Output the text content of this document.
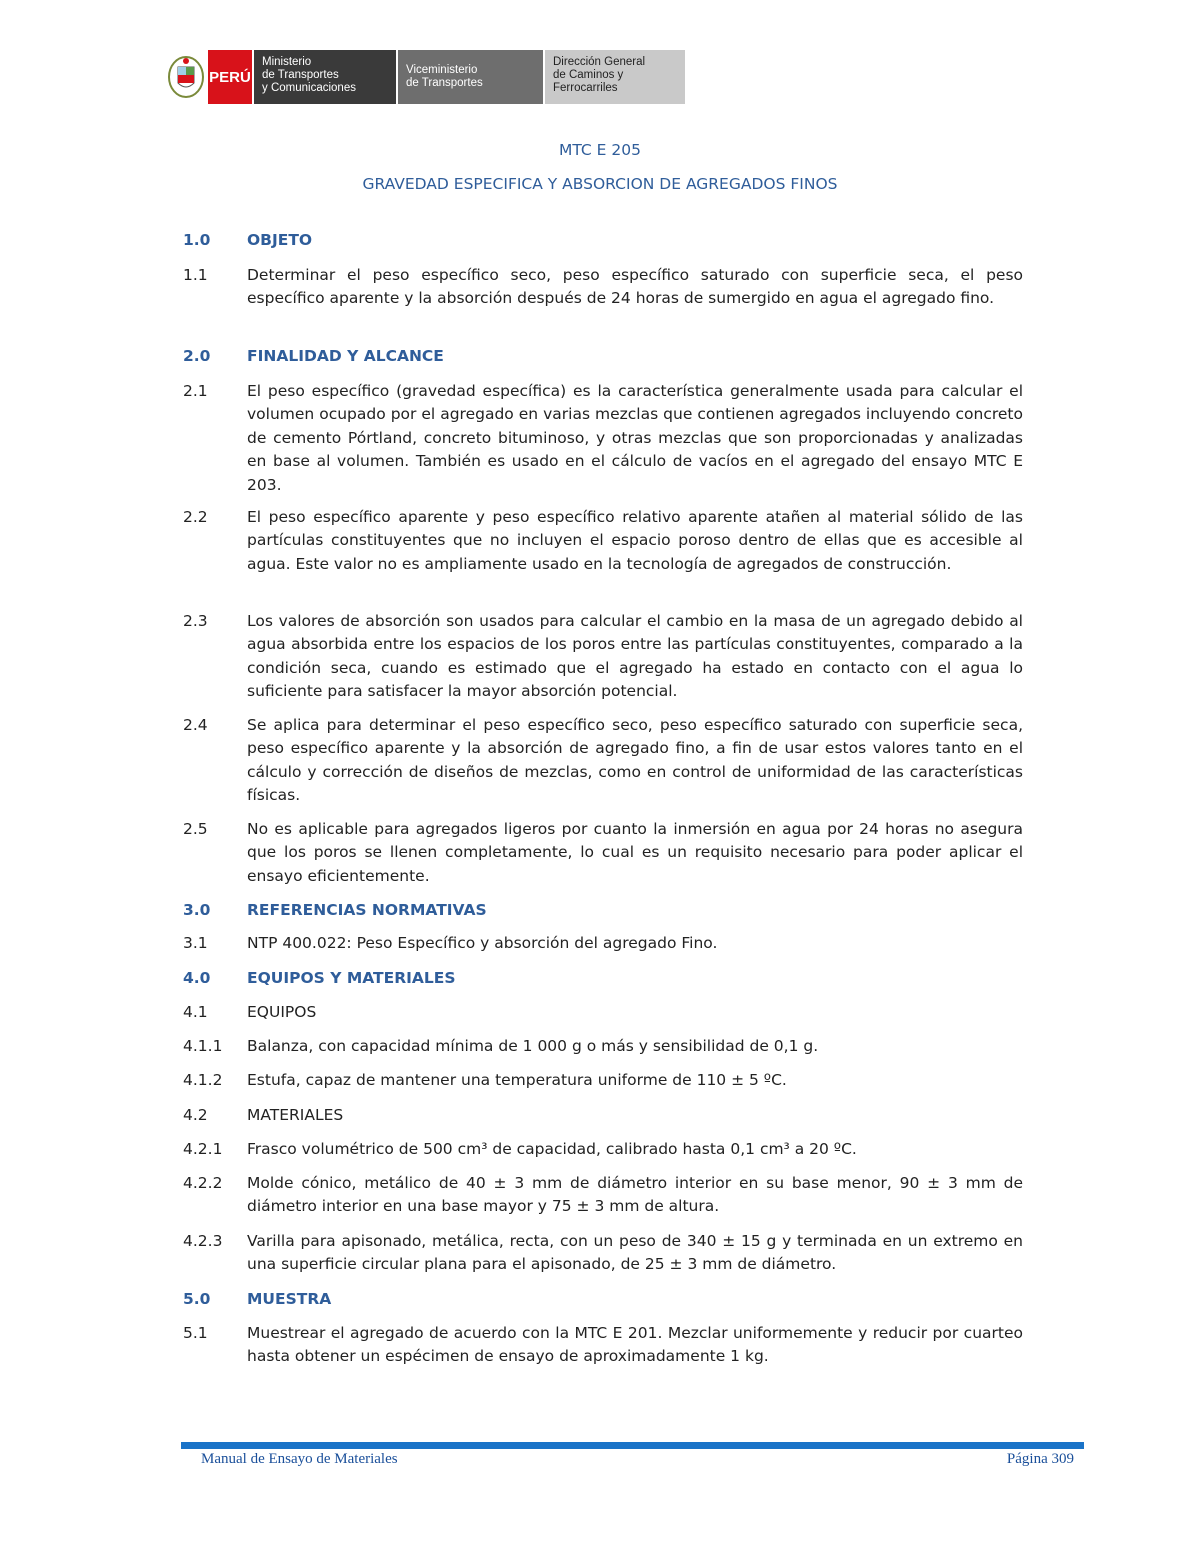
PERÚ
Ministerio
de Transportes
y Comunicaciones
Viceministerio
de Transportes
Dirección General
de Caminos y
Ferrocarriles
MTC E 205
GRAVEDAD ESPECIFICA Y ABSORCION DE AGREGADOS FINOS
1.0	OBJETO
1.1	Determinar el peso específico seco, peso específico saturado con superficie seca, el peso específico aparente y la absorción después de 24 horas de sumergido en agua el agregado fino.
2.0	FINALIDAD Y ALCANCE
2.1	El peso específico (gravedad específica) es la característica generalmente usada para calcular el volumen ocupado por el agregado en varias mezclas que contienen agregados incluyendo concreto de cemento Pórtland, concreto bituminoso, y otras mezclas que son proporcionadas y analizadas en base al volumen. También es usado en el cálculo de vacíos en el agregado del ensayo MTC E 203.
2.2	El peso específico aparente y peso específico relativo aparente atañen al material sólido de las partículas constituyentes que no incluyen el espacio poroso dentro de ellas que es accesible al agua. Este valor no es ampliamente usado en la tecnología de agregados de construcción.
2.3	Los valores de absorción son usados para calcular el cambio en la masa de un agregado debido al agua absorbida entre los espacios de los poros entre las partículas constituyentes, comparado a la condición seca, cuando es estimado que el agregado ha estado en contacto con el agua lo suficiente para satisfacer la mayor absorción potencial.
2.4	Se aplica para determinar el peso específico seco, peso específico saturado con superficie seca, peso específico aparente y la absorción de agregado fino, a fin de usar estos valores tanto en el cálculo y corrección de diseños de mezclas, como en control de uniformidad de las características físicas.
2.5	No es aplicable para agregados ligeros por cuanto la inmersión en agua por 24 horas no asegura que los poros se llenen completamente, lo cual es un requisito necesario para poder aplicar el ensayo eficientemente.
3.0	REFERENCIAS NORMATIVAS
3.1	NTP 400.022: Peso Específico y absorción del agregado Fino.
4.0	EQUIPOS Y MATERIALES
4.1	EQUIPOS
4.1.1	Balanza, con capacidad mínima de 1 000 g o más y sensibilidad de 0,1 g.
4.1.2	Estufa, capaz de mantener una temperatura uniforme de 110 ± 5 ºC.
4.2	MATERIALES
4.2.1	Frasco volumétrico de 500 cm³ de capacidad, calibrado hasta 0,1 cm³ a 20 ºC.
4.2.2	Molde cónico, metálico de 40 ± 3 mm de diámetro interior en su base menor, 90 ± 3 mm de diámetro interior en una base mayor y 75 ± 3 mm de altura.
4.2.3	Varilla para apisonado, metálica, recta, con un peso de 340 ± 15 g y terminada en un extremo en una superficie circular plana para el apisonado, de 25 ± 3 mm de diámetro.
5.0	MUESTRA
5.1	Muestrear el agregado de acuerdo con la MTC E 201. Mezclar uniformemente y reducir por cuarteo hasta obtener un espécimen de ensayo de aproximadamente 1 kg.
Manual de Ensayo de Materiales	Página 309
